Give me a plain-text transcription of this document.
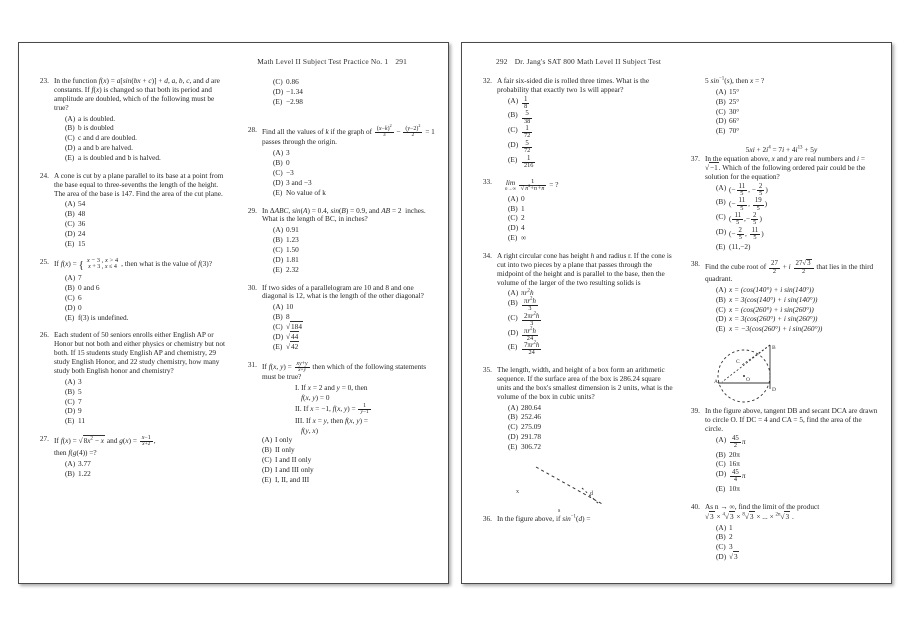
Math Level II Subject Test Practice No. 1 291
23. In the function f(x) = a[sin(bx + c)] + d, a, b, c, and d are constants. If f(x) is changed so that both its period and amplitude are doubled, which of the following must be true?
(A) a is doubled.
(B) b is doubled
(C) c and d are doubled.
(D) a and b are halved.
(E) a is doubled and b is halved.
24. A cone is cut by a plane parallel to its base at a point from the base equal to three-sevenths the length of the height. The area of the base is 147. Find the area of the cut plane.
(A) 54
(B) 48
(C) 36
(D) 24
(E) 15
25. If f(x) = { x − 3 , x > 4
x + 3 , x ≤ 4 , then what is the value of f(3)?
(A) 7
(B) 0 and 6
(C) 6
(D) 0
(E) f(3) is undefined.
26. Each student of 50 seniors enrolls either English AP or Honor but not both and either physics or chemistry but not both. If 15 students study English AP and chemistry, 29 study English Honor, and 22 study chemistry, how many study both English honor and chemistry?
(A) 3
(B) 5
(C) 7
(D) 9
(E) 11
27. If $f(x) = √8x^2 - x$ and $g(x) = \frac{x-1}{x+2}$ ,
then f(g(4)) =?
(A) 3.77
(B) 1.22
(C) 0.86
(D) −1.34
(E) −2.98
28. Find all the values of k if the graph of $\frac{(x-k)^2}{3} - \frac{(y-2)^2}{2} = 1$ passes through the origin.
(A) 3
(B) 0
(C) −3
(D) 3 and −3
(E) No value of k
29. In ΔABC, sin(A) = 0.4, sin(B) = 0.9, and AB = 2  inches. What is the length of BC, in inches?
(A) 0.91
(B) 1.23
(C) 1.50
(D) 1.81
(E) 2.32
30. If two sides of a parallelogram are 10 and 8 and one diagonal is 12, what is the length of the other diagonal?
(A) 10
(B) 8
(C) √184
(D) √44
(E) √42
31. If f(x, $y) = \frac{xy+y}{x+y}$ then which of the following statements must be true?
I. If x = 2 and y = 0, then
f(x, y) = 0
II. If x = −1, f(x, $y) = \frac{1}{y-1}$
III. If x = y, then f(x, y) =
f(y, x)
(A) I only
(B) II only
(C) I and II only
(D) I and III only
(E) I, II, and III
292 Dr. Jang's SAT 800 Math Level II Subject Test
32. A fair six-sided die is rolled three times. What is the probability that exactly two 1s will appear?
$(A) \frac{1}{8}$
$(B) \frac{5}{38}$
$(C) \frac{1}{72}$
$(D) \frac{5}{72}$
$(E) \frac{1}{216}$
33.	lim
n→∞
$\frac{1}{√n^2+n+n}$ = ?
(A) 0
(B) 1
(C) 2
(D) 4
(E) ∞
34. A right circular cone has height h and radius r. If the cone is cut into two pieces by a plane that passes through the midpoint of the height and is parallel to the base, then the volume of the larger of the two resulting solids is
(A) $\pi r^2h$
$(B) \frac{\pi r^2h}{3}$
$(C) \frac{2\pi r^2h}{3}$
$(D) \frac{\pi r^2h}{24}$
$(E) \frac{7\pi r^2h}{24}$
35. The length, width, and height of a box form an arithmetic sequence. If the surface area of the box is 286.24 square units and the box's smallest dimension is 2 units, what is the volume of the box in cubic units?
(A) 280.64
(B) 252.46
(C) 275.09
(D) 291.78
(E) 306.72
x	d
s
36. In the figure above, if $\sin^{-1}(d)$ =
5 $\sin^{-1}(s)$, then x = ?
(A) 15°
(B) 25°
(C) 30°
(D) 66°
(E) 70°
$5xi + 2i^4 = 7i + 4i^{13} + 5y$
37. In the equation above, x and y are real numbers and i = √−1. Which of the following ordered pair could be the solution for the equation?
(A) (− $\frac{11}{5}$ , − $\frac{2}{5}$ )
(B) (− $\frac{11}{5}$ , $\frac{19}{5}$ )
(C) ( $\frac{11}{5}$ ,− $\frac{2}{5}$ )
(D) (− $\frac{2}{5}$ , $\frac{11}{5}$ )
(E) (11,−2)
38. Find the cube root of $\frac{27}{2} + i \frac{27√3}{2}$ that lies in the third quadrant.
(A) x = (cos(140°) + i sin(140°))
(B) x = 3(cos(140°) + i sin(140°))
(C) x = (cos(260°) + i sin(260°))
(D) x = 3(cos(260°) + i sin(260°))
(E) x = −3(cos(260°) + i sin(260°))
B
D
O
A
C
39. In the figure above, tangent DB and secant DCA are drawn to circle O. If DC = 4 and CA = 5, find the area of the circle.
$(A) \frac{45}{2}$ π
(B) 20π
(C) 16π
$(D) \frac{45}{4}$ π
(E) 10π
40. As n → ∞, find the limit of the product
√3 × $^4$√3 × $^8$√3 × ... × $^{2n}$√3 .
(A) 1
(B) 2
(C) 3
(D) √3
